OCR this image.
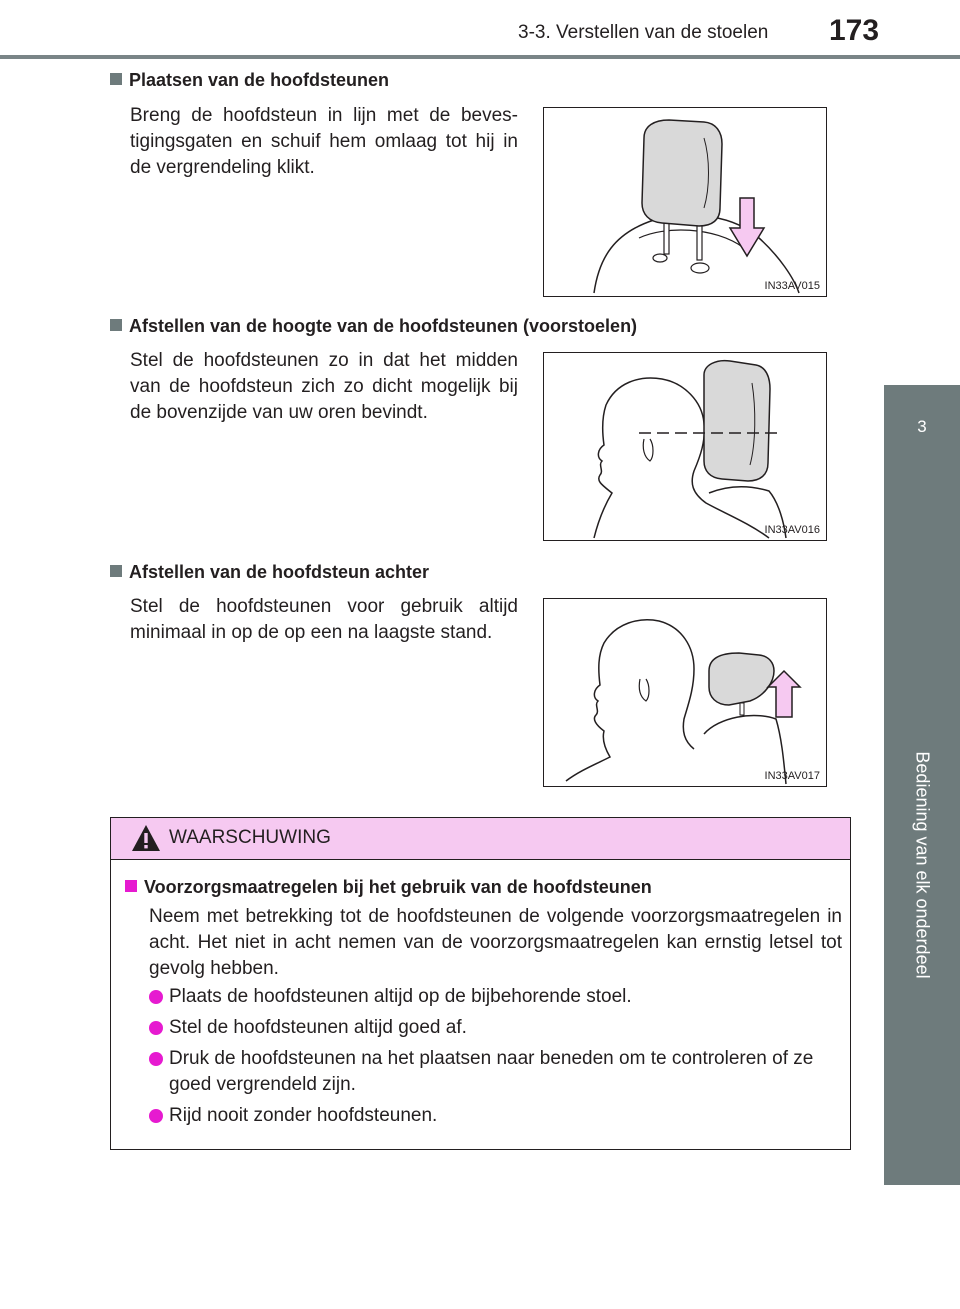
3-3. Verstellen van de stoelen 173
3
Bediening van elk onderdeel
Plaatsen van de hoofdsteunen
Breng de hoofdsteun in lijn met de bevestigingsgaten en schuif hem omlaag tot hij in de vergrendeling klikt.
IN33AV015
Afstellen van de hoogte van de hoofdsteunen (voorstoelen)
Stel de hoofdsteunen zo in dat het midden van de hoofdsteun zich zo dicht mogelijk bij de bovenzijde van uw oren bevindt.
IN33AV016
Afstellen van de hoofdsteun achter
Stel de hoofdsteunen voor gebruik altijd minimaal in op de op een na laagste stand.
IN33AV017
WAARSCHUWING
Voorzorgsmaatregelen bij het gebruik van de hoofdsteunen
Neem met betrekking tot de hoofdsteunen de volgende voorzorgsmaatregelen in acht. Het niet in acht nemen van de voorzorgsmaatregelen kan ernstig letsel tot gevolg hebben.
Plaats de hoofdsteunen altijd op de bijbehorende stoel.
Stel de hoofdsteunen altijd goed af.
Druk de hoofdsteunen na het plaatsen naar beneden om te controleren of ze goed vergrendeld zijn.
Rijd nooit zonder hoofdsteunen.
